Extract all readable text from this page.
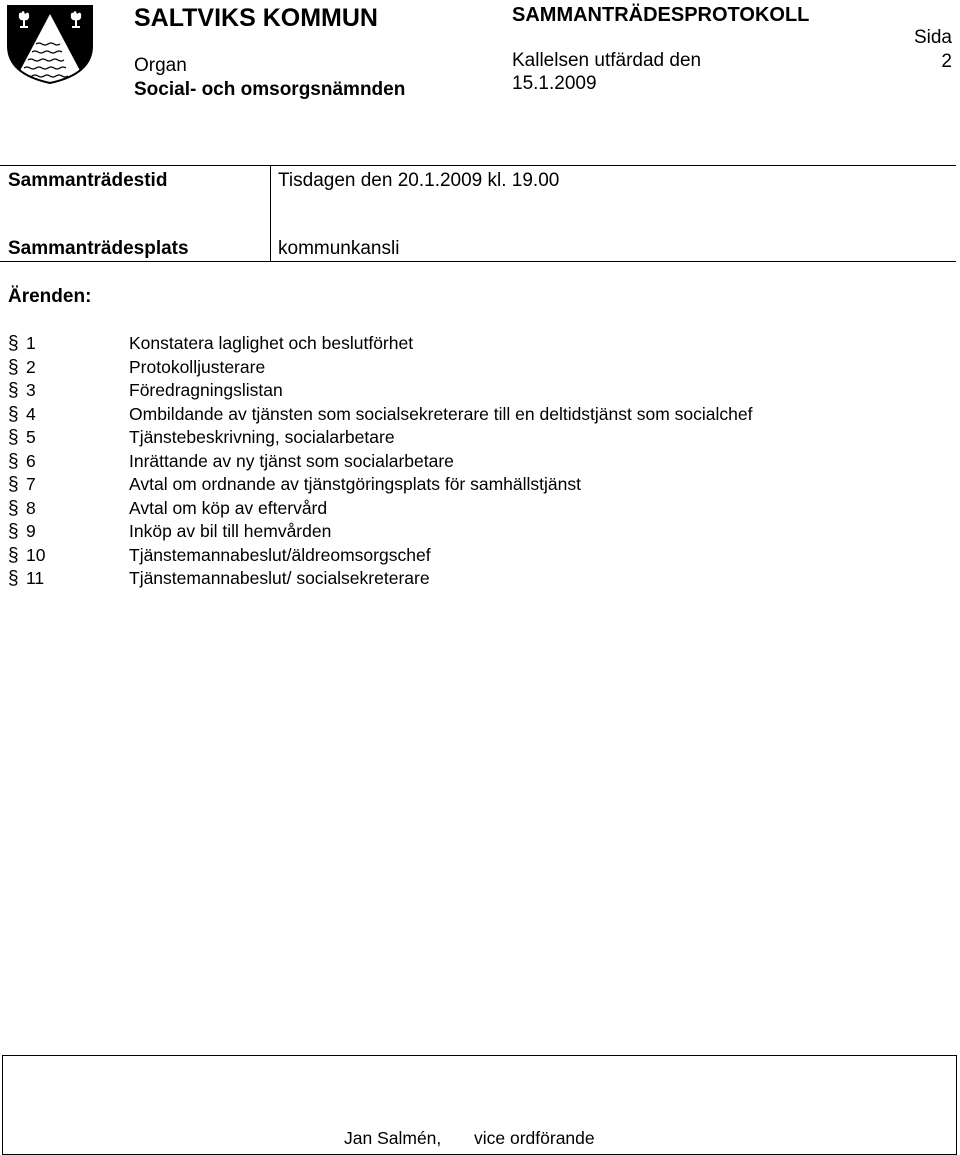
SALTVIKS KOMMUN
Organ
Social- och omsorgsnämnden
SAMMANTRÄDESPROTOKOLL
Kallelsen utfärdad den
15.1.2009
Sida
2
Sammanträdestid	Tisdagen den 20.1.2009 kl. 19.00
Sammanträdesplats	kommunkansli
Ärenden:
§ 1	Konstatera laglighet och beslutförhet
§ 2	Protokolljusterare
§ 3	Föredragningslistan
§ 4	Ombildande av tjänsten som socialsekreterare till en deltidstjänst som socialchef
§ 5	Tjänstebeskrivning, socialarbetare
§ 6	Inrättande av ny tjänst som socialarbetare
§ 7	Avtal om ordnande av tjänstgöringsplats för samhällstjänst
§ 8	Avtal om köp av eftervård
§ 9	Inköp av bil till hemvården
§ 10	Tjänstemannabeslut/äldreomsorgschef
§ 11	Tjänstemannabeslut/ socialsekreterare
Jan Salmén, vice ordförande
